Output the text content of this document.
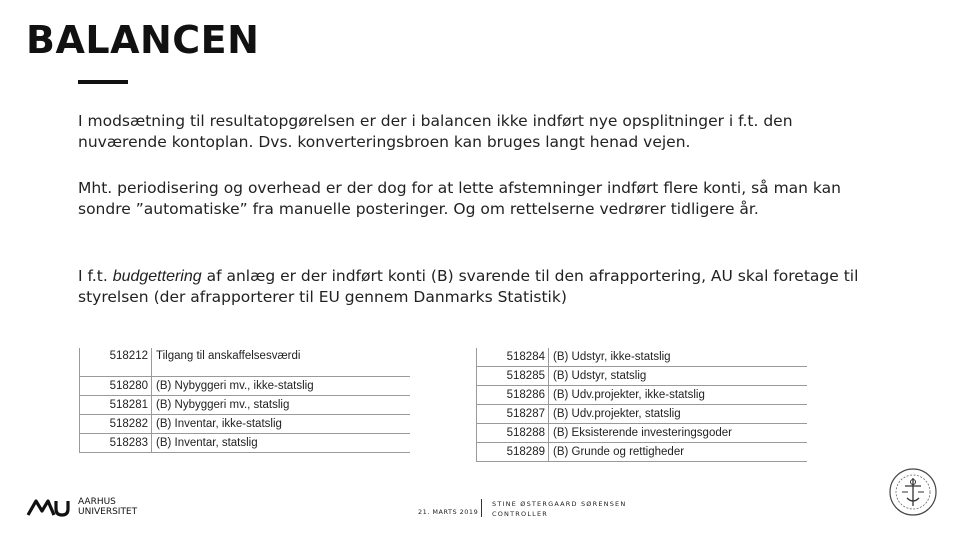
BALANCEN
I modsætning til resultatopgørelsen er der i balancen ikke indført nye opsplitninger i f.t. den nuværende kontoplan. Dvs. konverteringsbroen kan bruges langt henad vejen.
Mht. periodisering og overhead er der dog for at lette afstemninger indført flere konti, så man kan sondre ”automatiske” fra manuelle posteringer. Og om rettelserne vedrører tidligere år.
I f.t. budgettering af anlæg er der indført konti (B) svarende til den afrapportering, AU skal foretage til styrelsen (der afrapporterer til EU gennem Danmarks Statistik)
518212	Tilgang til anskaffelsesværdi
518280	(B) Nybyggeri mv., ikke-statslig
518281	(B) Nybyggeri mv., statslig
518282	(B) Inventar, ikke-statslig
518283	(B) Inventar, statslig
518284	(B) Udstyr, ikke-statslig
518285	(B) Udstyr, statslig
518286	(B) Udv.projekter, ikke-statslig
518287	(B) Udv.projekter, statslig
518288	(B) Eksisterende investeringsgoder
518289	(B) Grunde og rettigheder
AARHUS
UNIVERSITET	21. MARTS 2019
STINE ØSTERGAARD SØRENSEN
CONTROLLER
